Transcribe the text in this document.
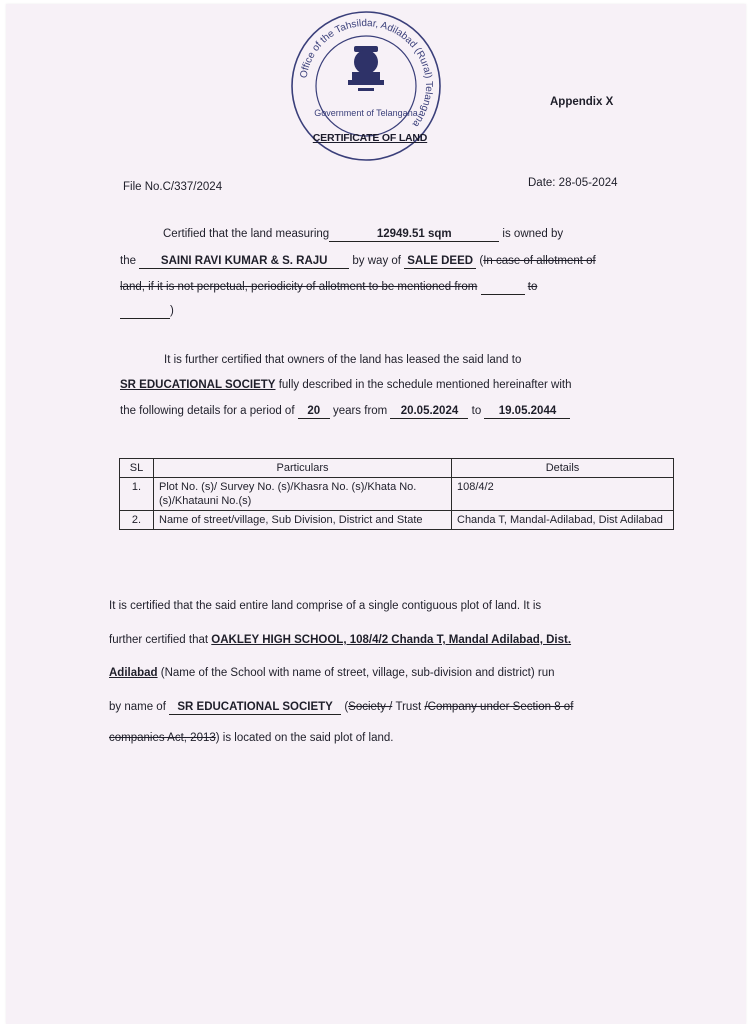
Office of the Tahsildar, Adilabad (Rural) Telangana
Government of Telangana
CERTIFICATE OF LAND
Appendix X
File No.C/337/2024	Date: 28-05-2024
Certified that the land measuring	12949.51 sqm	is owned by
the SAINI RAVI KUMAR & S. RAJU by way of SALE DEED (In case of allotment of
land, if it is not perpetual, periodicity of allotment to be mentioned from	to
)
It is further certified that owners of the land has leased the said land to
SR EDUCATIONAL SOCIETY fully described in the schedule mentioned hereinafter with
the following details for a period of 20 years from 20.05.2024 to 19.05.2044
SL	Particulars	Details
1.	Plot No. (s)/ Survey No. (s)/Khasra No. (s)/Khata No.(s)/Khatauni No.(s)	108/4/2
2.	Name of street/village, Sub Division, District and State	Chanda T, Mandal-Adilabad, Dist Adilabad
It is certified that the said entire land comprise of a single contiguous plot of land. It is
further certified that OAKLEY HIGH SCHOOL, 108/4/2 Chanda T, Mandal Adilabad, Dist.
Adilabad (Name of the School with name of street, village, sub-division and district) run
by name of SR EDUCATIONAL SOCIETY (Society / Trust /Company under Section 8 of
companies Act, 2013) is located on the said plot of land.
